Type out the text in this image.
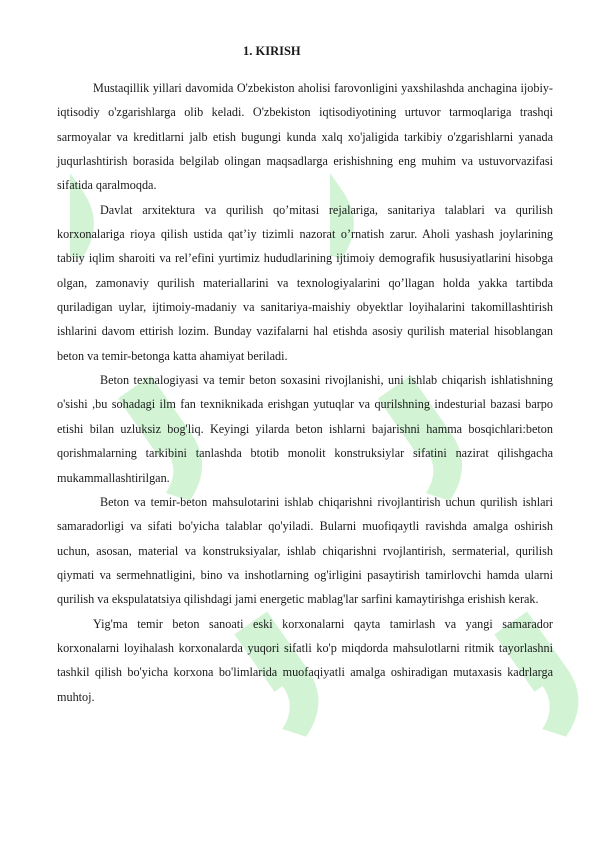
1. KIRISH

Mustaqillik yillari davomida O'zbekiston aholisi farovonligini yaxshilashda anchagina ijobiy-iqtisodiy o'zgarishlarga olib keladi. O'zbekiston iqtisodiyotining urtuvor tarmoqlariga trashqi sarmoyalar va kreditlarni jalb etish bugungi kunda xalq xo'jaligida tarkibiy o'zgarishlarni yanada juqurlashtirish borasida belgilab olingan maqsadlarga erishishning eng muhim va ustuvorvazifasi sifatida qaralmoqda.

Davlat arxitektura va qurilish qo’mitasi rejalariga, sanitariya talablari va qurilish korxonalariga rioya qilish ustida qat’iy tizimli nazorat o’rnatish zarur. Aholi yashash joylarining tabiiy iqlim sharoiti va rel’efini yurtimiz hududlarining ijtimoiy demografik hususiyatlarini hisobga olgan, zamonaviy qurilish materiallarini va texnologiyalarini qo’llagan holda yakka tartibda quriladigan uylar, ijtimoiy-madaniy va sanitariya-maishiy obyektlar loyihalarini takomillashtirish ishlarini davom ettirish lozim. Bunday vazifalarni hal etishda asosiy qurilish material hisoblangan beton va temir-betonga katta ahamiyat beriladi.

Beton texnalogiyasi va temir beton soxasini rivojlanishi, uni ishlab chiqarish ishlatishning o'sishi ,bu sohadagi ilm fan texniknikada erishgan yutuqlar va qurilshning indesturial bazasi barpo etishi bilan uzluksiz bog'liq. Keyingi yilarda beton ishlarni bajarishni hamma bosqichlari:beton qorishmalarning tarkibini tanlashda btotib monolit konstruksiylar sifatini nazirat qilishgacha mukammallashtirilgan.

Beton va temir-beton mahsulotarini ishlab chiqarishni rivojlantirish uchun qurilish ishlari samaradorligi va sifati bo'yicha talablar qo'yiladi. Bularni muofiqaytli ravishda amalga oshirish uchun, asosan, material va konstruksiyalar, ishlab chiqarishni rvojlantirish, sermaterial, qurilish qiymati va sermehnatligini, bino va inshotlarning og'irligini pasaytirish tamirlovchi hamda ularni qurilish va ekspulatatsiya qilishdagi jami energetic mablag'lar sarfini kamaytirishga erishish kerak.

Yig'ma temir beton sanoati eski korxonalarni qayta tamirlash va yangi samarador korxonalarni loyihalash korxonalarda yuqori sifatli ko'p miqdorda mahsulotlarni ritmik tayorlashni tashkil qilish bo'yicha korxona bo'limlarida muofaqiyatli amalga oshiradigan mutaxasis kadrlarga muhtoj.
